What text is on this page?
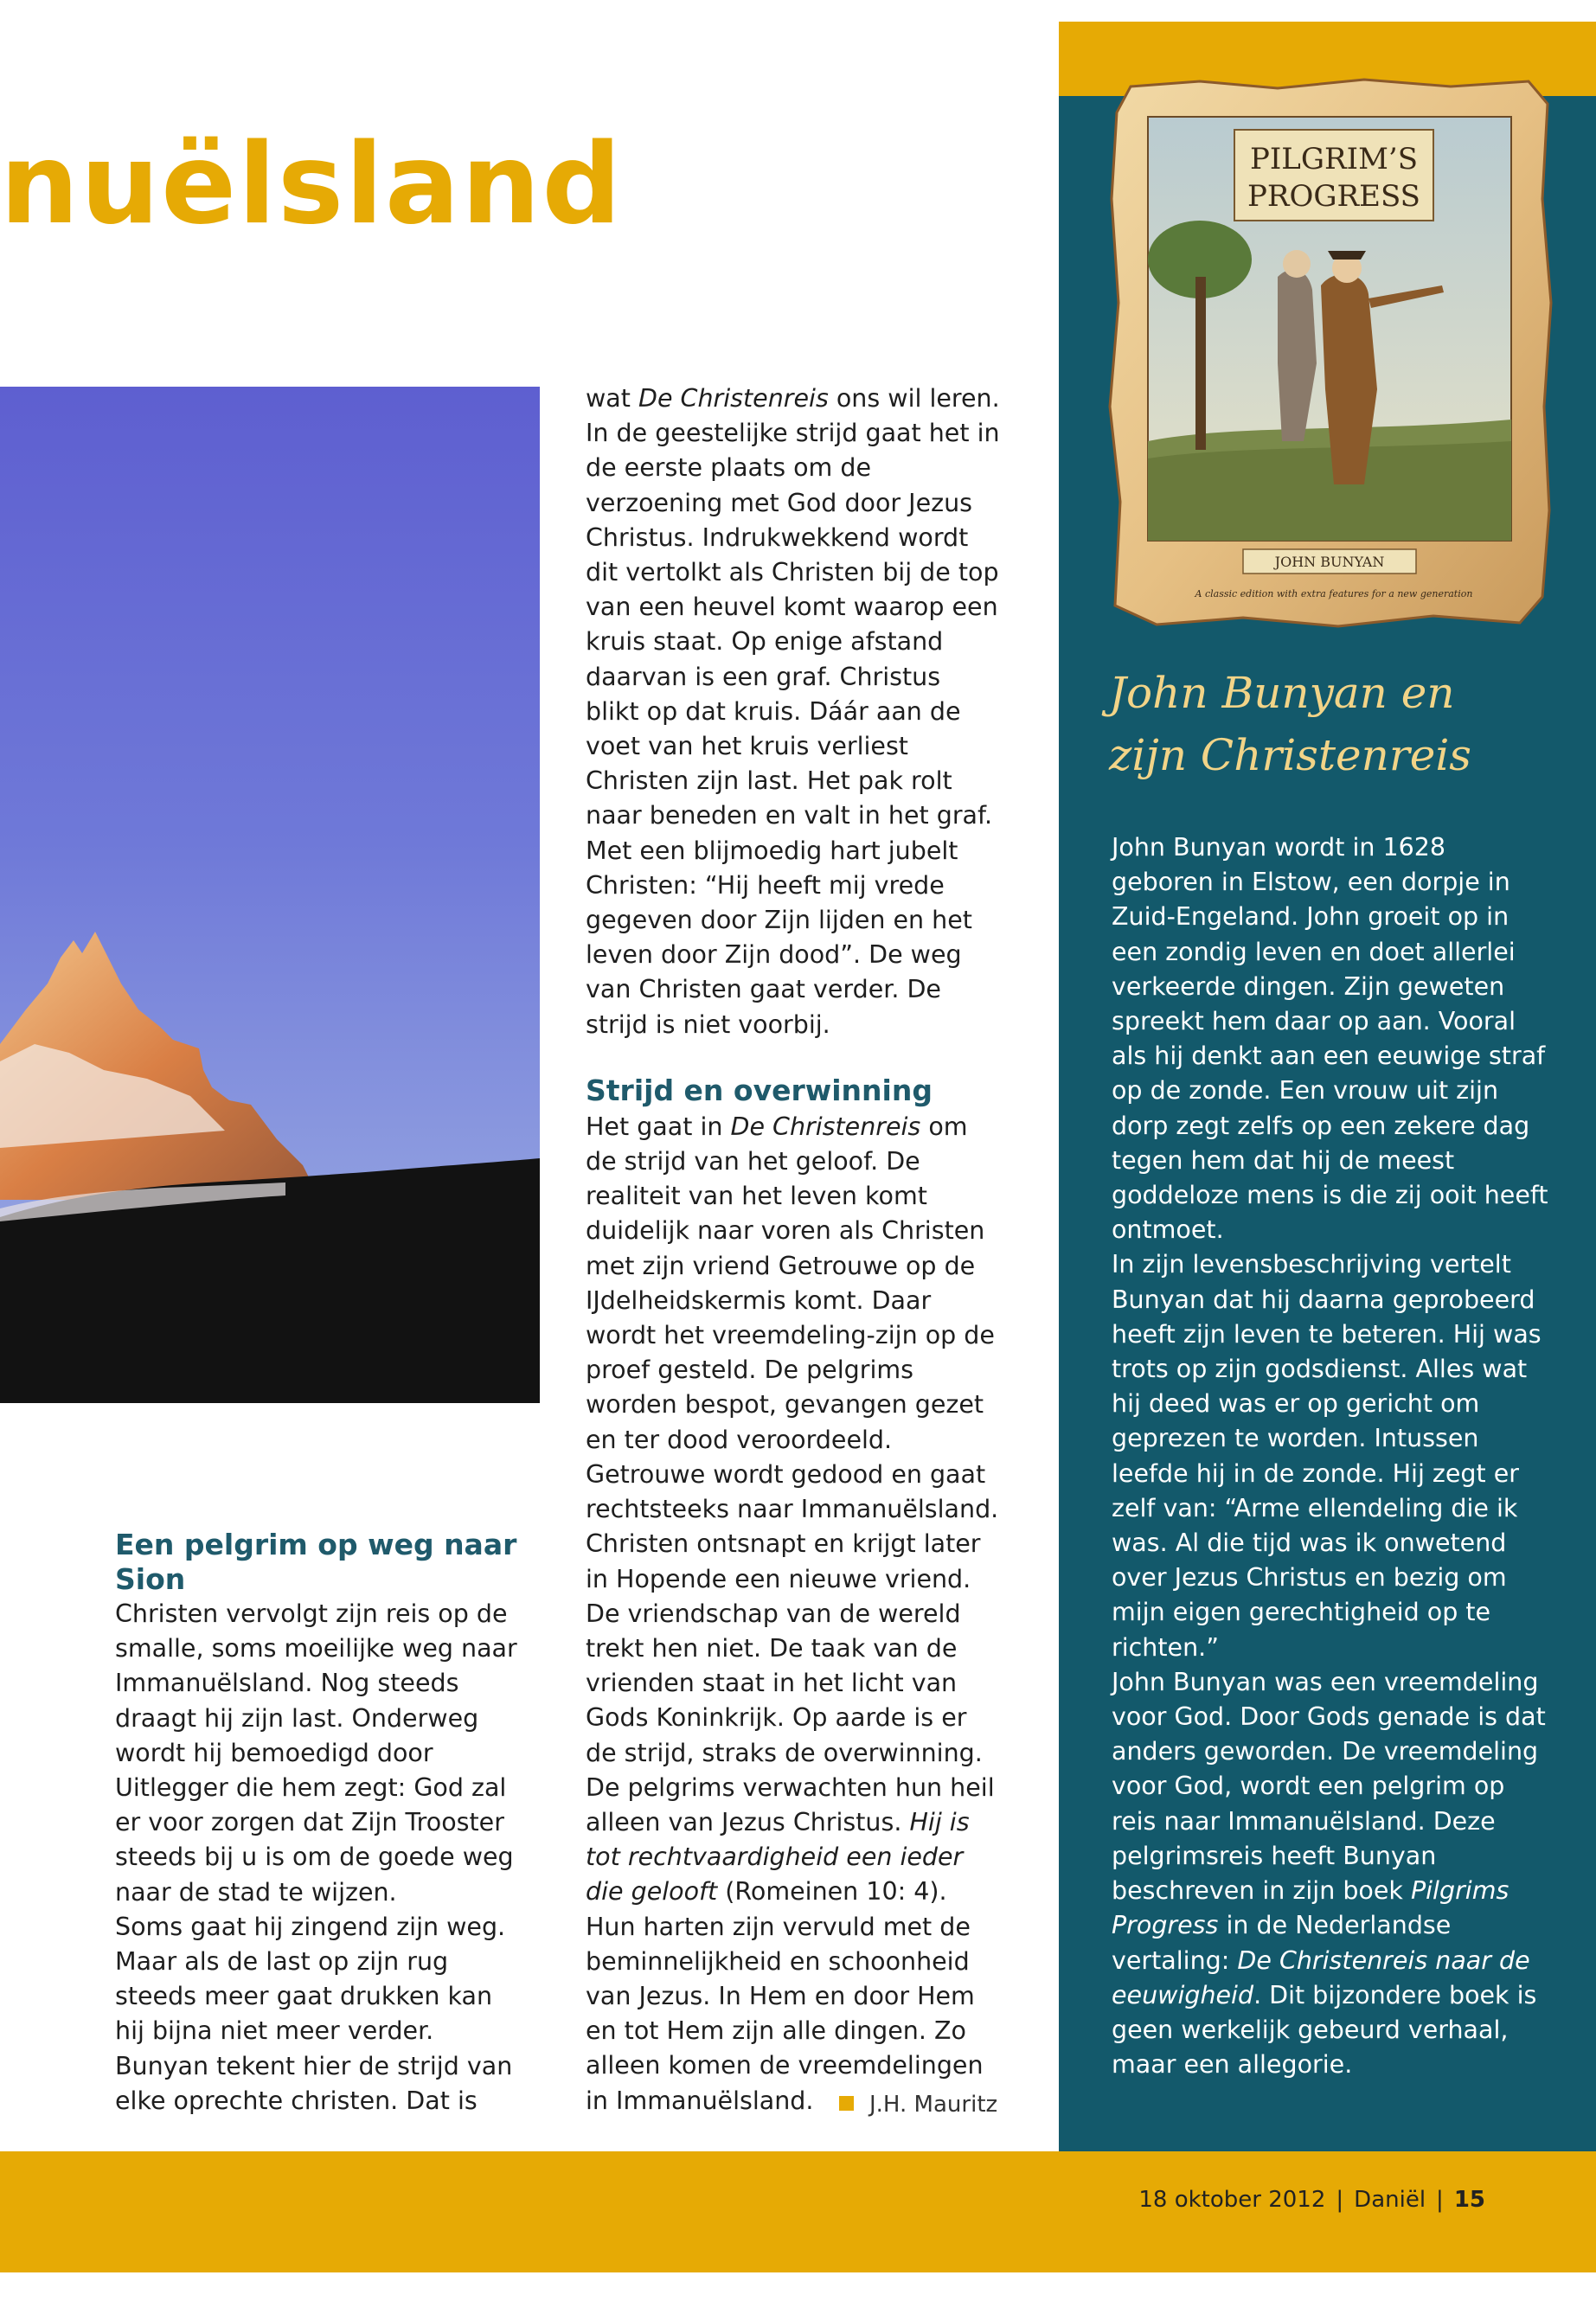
nuëlsland

Een pelgrim op weg naar Sion

Christen vervolgt zijn reis op de smalle, soms moeilijke weg naar Immanuëlsland. Nog steeds draagt hij zijn last. Onderweg wordt hij bemoedigd door Uitlegger die hem zegt: God zal er voor zorgen dat Zijn Trooster steeds bij u is om de goede weg naar de stad te wijzen.

Soms gaat hij zingend zijn weg. Maar als de last op zijn rug steeds meer gaat drukken kan hij bijna niet meer verder. Bunyan tekent hier de strijd van elke oprechte christen. Dat is

wat De Christenreis ons wil leren. In de geestelijke strijd gaat het in de eerste plaats om de verzoening met God door Jezus Christus. Indrukwekkend wordt dit vertolkt als Christen bij de top van een heuvel komt waarop een kruis staat. Op enige afstand daarvan is een graf. Christus blikt op dat kruis. Dáár aan de voet van het kruis verliest Christen zijn last. Het pak rolt naar beneden en valt in het graf. Met een blijmoedig hart jubelt Christen: “Hij heeft mij vrede gegeven door Zijn lijden en het leven door Zijn dood”. De weg van Christen gaat verder. De strijd is niet voorbij.

Strijd en overwinning

Het gaat in De Christenreis om de strijd van het geloof. De realiteit van het leven komt duidelijk naar voren als Christen met zijn vriend Getrouwe op de IJdelheidskermis komt. Daar wordt het vreemdeling-zijn op de proef gesteld. De pelgrims worden bespot, gevangen gezet en ter dood veroordeeld. Getrouwe wordt gedood en gaat rechtsteeks naar Immanuëlsland. Christen ontsnapt en krijgt later in Hopende een nieuwe vriend. De vriendschap van de wereld trekt hen niet. De taak van de vrienden staat in het licht van Gods Koninkrijk. Op aarde is er de strijd, straks de overwinning. De pelgrims verwachten hun heil alleen van Jezus Christus. Hij is tot rechtvaardigheid een ieder die gelooft (Romeinen 10: 4). Hun harten zijn vervuld met de beminnelijkheid en schoonheid van Jezus. In Hem en door Hem en tot Hem zijn alle dingen. Zo alleen komen de vreemdelingen in Immanuëlsland.	J.H. Mauritz
PILGRIM’S
PROGRESS
JOHN BUNYAN
A classic edition with extra features for a new generation
John Bunyan en
zijn Christenreis

John Bunyan wordt in 1628 geboren in Elstow, een dorpje in Zuid-Engeland. John groeit op in een zondig leven en doet allerlei verkeerde dingen. Zijn geweten spreekt hem daar op aan. Vooral als hij denkt aan een eeuwige straf op de zonde. Een vrouw uit zijn dorp zegt zelfs op een zekere dag tegen hem dat hij de meest goddeloze mens is die zij ooit heeft ontmoet.

In zijn levensbeschrijving vertelt Bunyan dat hij daarna geprobeerd heeft zijn leven te beteren. Hij was trots op zijn godsdienst. Alles wat hij deed was er op gericht om geprezen te worden. Intussen leefde hij in de zonde. Hij zegt er zelf van: “Arme ellendeling die ik was. Al die tijd was ik onwetend over Jezus Christus en bezig om mijn eigen gerechtigheid op te richten.”

John Bunyan was een vreemdeling voor God. Door Gods genade is dat anders geworden. De vreemdeling voor God, wordt een pelgrim op reis naar Immanuëlsland. Deze pelgrimsreis heeft Bunyan beschreven in zijn boek Pilgrims Progress in de Nederlandse vertaling: De Christenreis naar de eeuwigheid. Dit bijzondere boek is geen werkelijk gebeurd verhaal, maar een allegorie.

18 oktober 2012 | Daniël | 15
